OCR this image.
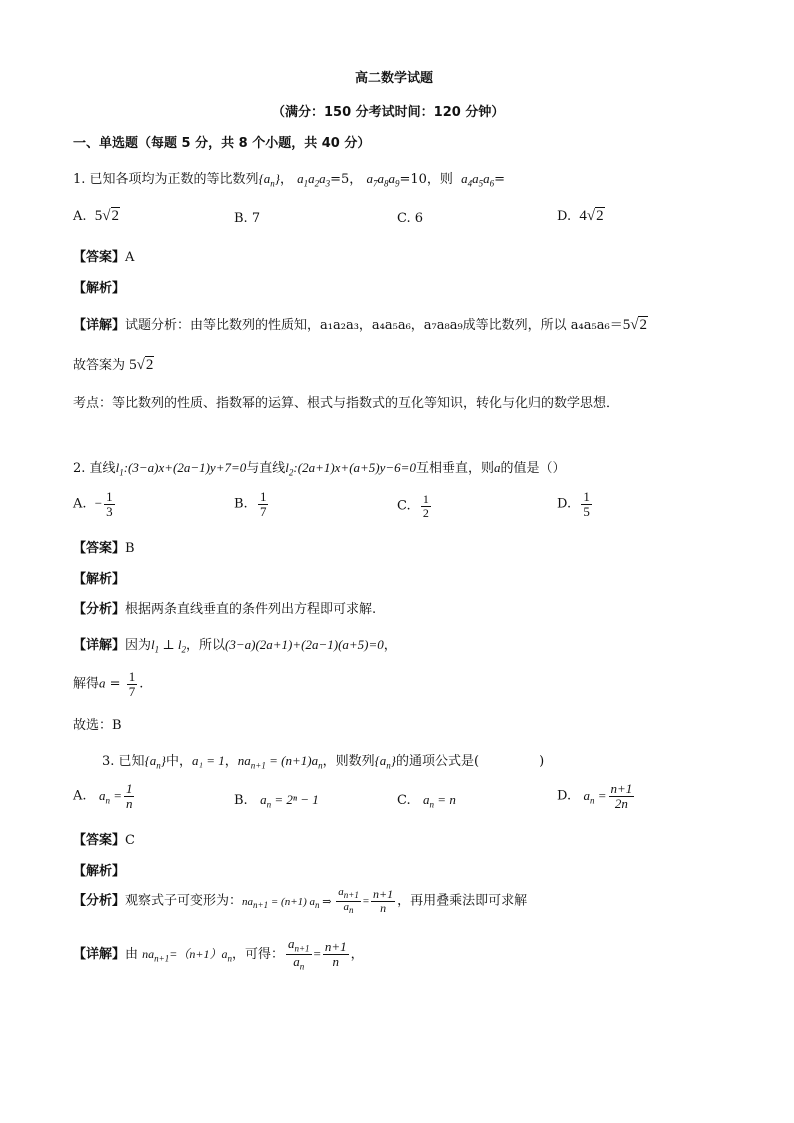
高二数学试题
（满分：150 分考试时间：120 分钟）
一、单选题（每题 5 分，共 8 个小题，共 40 分）
1. 已知各项均为正数的等比数列$\{a_n\}$， $a_1a_2a_3=5$， $a_7a_8a_9=10$，则 $a_4a_5a_6=$
A. 5√2	B. 7	C. 6	D. 4√2
【答案】A
【解析】
【详解】试题分析：由等比数列的性质知，a₁a₂a₃，a₄a₅a₆，a₇a₈a₉成等比数列，所以 a₄a₅a₆＝5√2
故答案为 5√2
考点：等比数列的性质、指数幂的运算、根式与指数式的互化等知识，转化与化归的数学思想．
2. 直线$l_1:(3-a)x+(2a-1)y+7=0$与直线$l_2:(2a+1)x+(a+5)y-6=0$互相垂直，则a的值是（）
A. − $\frac{1}{3}$	B. $\frac{1}{7}$	C. $\frac{1}{2}$	D. $\frac{1}{5}$
【答案】B
【解析】
【分析】根据两条直线垂直的条件列出方程即可求解.
【详解】因为$l_1$ ⊥ $l_2$，所以(3−a)(2a+1)+(2a−1)(a+5)=0，
解得$a = \frac{1}{7}$ .
故选：B
3. 已知$\{a_n\}$中，a₁ = 1，$na_{n+1} = (n+1)a_n$，则数列$\{a_n\}$的通项公式是(	)
A. $a_n = \frac{1}{n}$	B. $a_n = 2^n - 1$	C. $a_n = n$	D. $a_n = \frac{n+1}{2n}$
【答案】C
【解析】
【分析】观察式子可变形为：$na_{n+1} = (n+1)$ $a_n$ ⇒ $\frac{a_{n+1}}{a_n} = \frac{n+1}{n}$ ，再用叠乘法即可求解
【详解】由 $na_{n+1}=(n+1)a_n$，可得： $\frac{a_{n+1}}{a_n} = \frac{n+1}{n}$ ，
